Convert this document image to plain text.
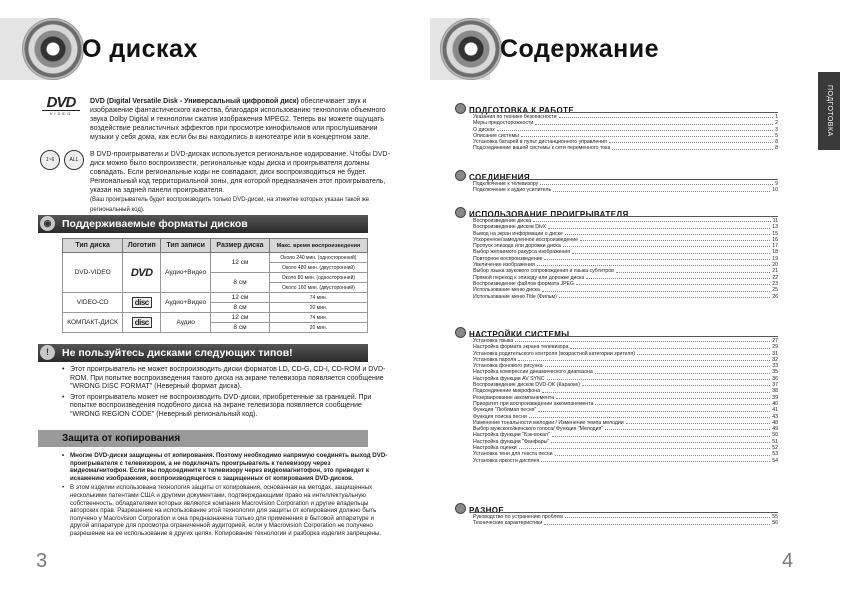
О дисках
DVD
VIDEO
DVD (Digital Versatile Disk - Универсальный цифровой диск) обеспечивает звук и изображение фантастического качества, благодаря использованию технологии объемного звука Dolby Digital и технологии сжатия изображения MPEG2. Теперь вы можете ощущать воздействие реалистичных эффектов при просмотре кинофильмов или прослушивании музыки у себя дома, как если бы вы находились в кинотеатре или в концертном зале.
1~6	ALL
В DVD-проигрыватели и DVD-дисках используется региональное кодирование. Чтобы DVD-диск можно было воспроизвести, региональные коды диска и проигрывателя должны совпадать. Если региональные коды не совпадают, диск воспроизводиться не будет. Региональный код территориальной зоны, для которой предназначен этот проигрыватель, указан на задней панели проигрывателя.
(Ваш проигрыватель будет воспроизводить только DVD-диски, на этикетке которых указан такой же региональный код).
◉	Поддерживаемые форматы дисков
Тип диска	Логотип	Тип записи	Размер диска	Макс. время воспроизведения
DVD-VIDEO	DVD	Аудио+Видео	12 см	Около 240 мин. (односторонний)
				Около 480 мин. (двусторонний)
			8 см	Около 80 мин. (односторонний)
				Около 160 мин. (двусторонний)
VIDEO-CD	disc	Аудио+Видео	12 см	74 мин.
			8 см	20 мин.
КОМПАКТ-ДИСК	disc	Аудио	12 см	74 мин.
			8 см	20 мин.
!	Не пользуйтесь дисками следующих типов!
• Этот проигрыватель не может воспроизводить диски форматов LD, CD-G, CD-I, CD-ROM и DVD-ROM. При попытке воспроизведения такого диска на экране телевизора появляется сообщение "WRONG DISC FORMAT" (Неверный формат диска).
• Этот проигрыватель может не воспроизводить DVD-диски, приобретенные за границей. При попытке воспроизведения подобного диска на экране телевизора появляется сообщение "WRONG REGION CODE" (Неверный региональный код).
Защита от копирования
• Многие DVD-диски защищены от копирования. Поэтому необходимо напрямую соединять выход DVD-проигрывателя с телевизором, а не подключать проигрыватель к телевизору через видеомагнитофон. Если вы подсоедините к телевизору через видеомагнитофон, это приведет к искажению изображения, воспроизводящегося с защищенных от копирования DVD-дисков.
• В этом изделии использована технология защиты от копирования, основанная на методах, защищенных несколькими патентами США и другими документами, подтверждающими право на интеллектуальную собственность, обладателями которых являются компания Macrovision Corporation и другие владельцы авторских прав. Разрешение на использование этой технологии для защиты от копирования должно быть получено у Macrovision Corporation и она предназначена только для применения в бытовой аппаратуре и другой аппаратуре для просмотра ограниченной аудиторией, если у Macrovision Corporation не получено разрешение на ее использование в других целях. Копирование технологии и разборка изделия запрещены.
3
Содержание
ПОДГОТОВКА
ПОДГОТОВКА К РАБОТЕ
Указания по технике безопасности	1
Меры предосторожности	2
О дисках	3
Описание системы	5
Установка батарей в пульт дистанционного управления	8
Подсоединение вашей системы к сети переменного тока	8
СОЕДИНЕНИЯ
Подключение к телевизору	9
Подключение к аудио усилитель	10
ИСПОЛЬЗОВАНИЕ ПРОИГРЫВАТЕЛЯ
Воспроизведение диска	11
Воспроизведение дисков DivX	13
Вывод на экран информации о диске	15
Ускоренное/замедленное воспроизведение	16
Пропуск эпизода или дорожки диска	17
Выбор желаемого ракурса изображения	18
Повторное воспроизведение	19
Увеличение изображения	20
Выбор языка звукового сопровождения и языка субтитров	21
Прямой переход к эпизоду или дорожке диска	22
Воспроизведение файлов формата JPEG	23
Использование меню диска	25
Использование меню Title (Фильм)	26
НАСТРОЙКИ СИСТЕМЫ
Установка языка	27
Настройка формата экрана телевизора	29
Установка родительского контроля (возрастной категории зрителя)	31
Установка пароля	32
Установка фонового рисунка	33
Настройка компрессии динамического диапазона	35
Настройка функции AV SYNC	36
Воспроизведение дисков DVD-OK (Караоке)	37
Подсоединение микрофона	38
Резервирование аккомпанемента	39
Приоритет при воспроизведении аккомпанемента	40
Функция "Любимая песня"	41
Функция поиска песни	43
Изменение тональности мелодии / Изменение темпа мелодии	48
Выбор мужского/женского голоса/ Функция "Мелодия"	49
Настройка функции "Бэк-вокал"	50
Настройка функции "Фанфары"	51
Настройка оценки	52
Установка тени для текста песни	53
Установка яркости дисплея	54
РАЗНОЕ
Руководство по устранению проблем	55
Технические характеристики	56
4
